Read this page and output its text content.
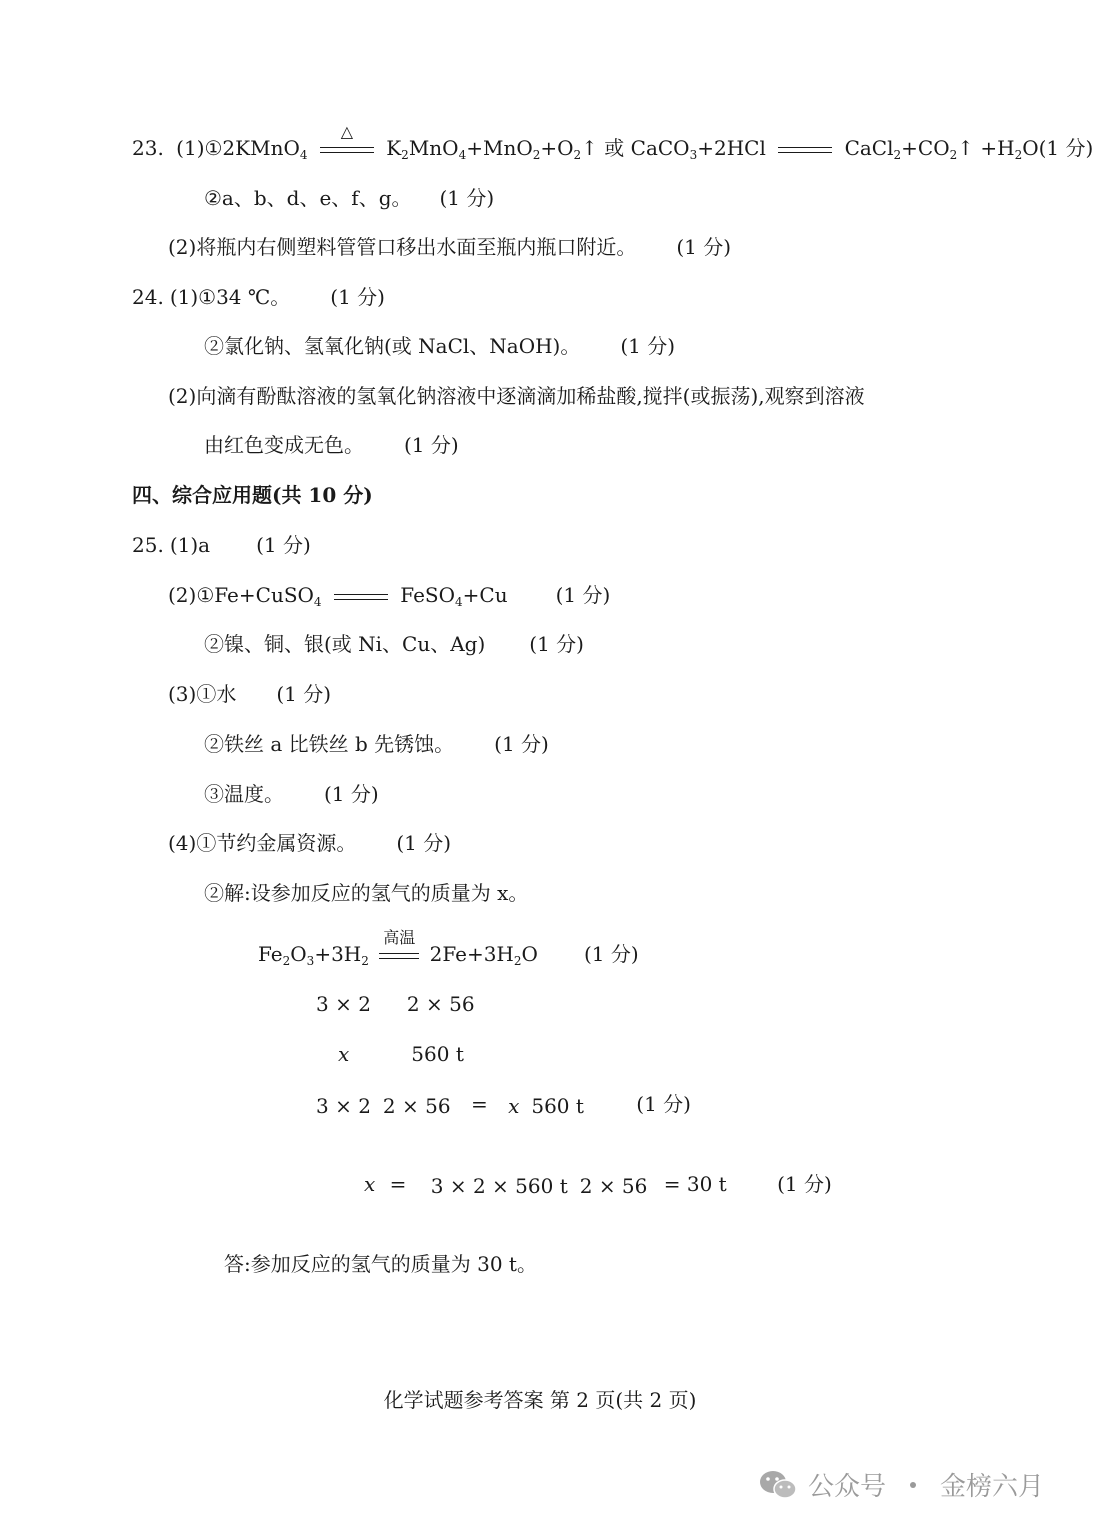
23. (1)①2KMnO$_4$
△
$K_2MnO_4+MnO_2+O_2↑$ 或 CaCO$_3$+2HCl	$CaCl_2+CO_2↑ +H_2O(1$ 分)
②a、b、d、e、f、g。 (1 分)
(2)将瓶内右侧塑料管管口移出水面至瓶内瓶口附近。 (1 分)
24. (1)①34 ℃。 (1 分)
②氯化钠、氢氧化钠(或 NaCl、NaOH)。 (1 分)
(2)向滴有酚酞溶液的氢氧化钠溶液中逐滴滴加稀盐酸,搅拌(或振荡),观察到溶液
由红色变成无色。 (1 分)
四、综合应用题(共 10 分)
25. (1)a (1 分)
(2)①Fe+CuSO$_4$	FeSO$_4$+Cu (1 分)
②镍、铜、银(或 Ni、Cu、Ag) (1 分)
(3)①水 (1 分)
②铁丝 a 比铁丝 b 先锈蚀。 (1 分)
③温度。 (1 分)
(4)①节约金属资源。 (1 分)
②解:设参加反应的氢气的质量为 x。
$Fe_2O_3+3H_2$
高温
$2Fe+3H_2O$ (1 分)
3 × 2 2 × 56
x	560 t
3 × 2 2 × 56 = x 560 t	(1 分)
x = 3 × 2 × 560 t 2 × 56 = 30 t	(1 分)
答:参加反应的氢气的质量为 30 t。
化学试题参考答案 第 2 页(共 2 页)
公众号 金榜六月
